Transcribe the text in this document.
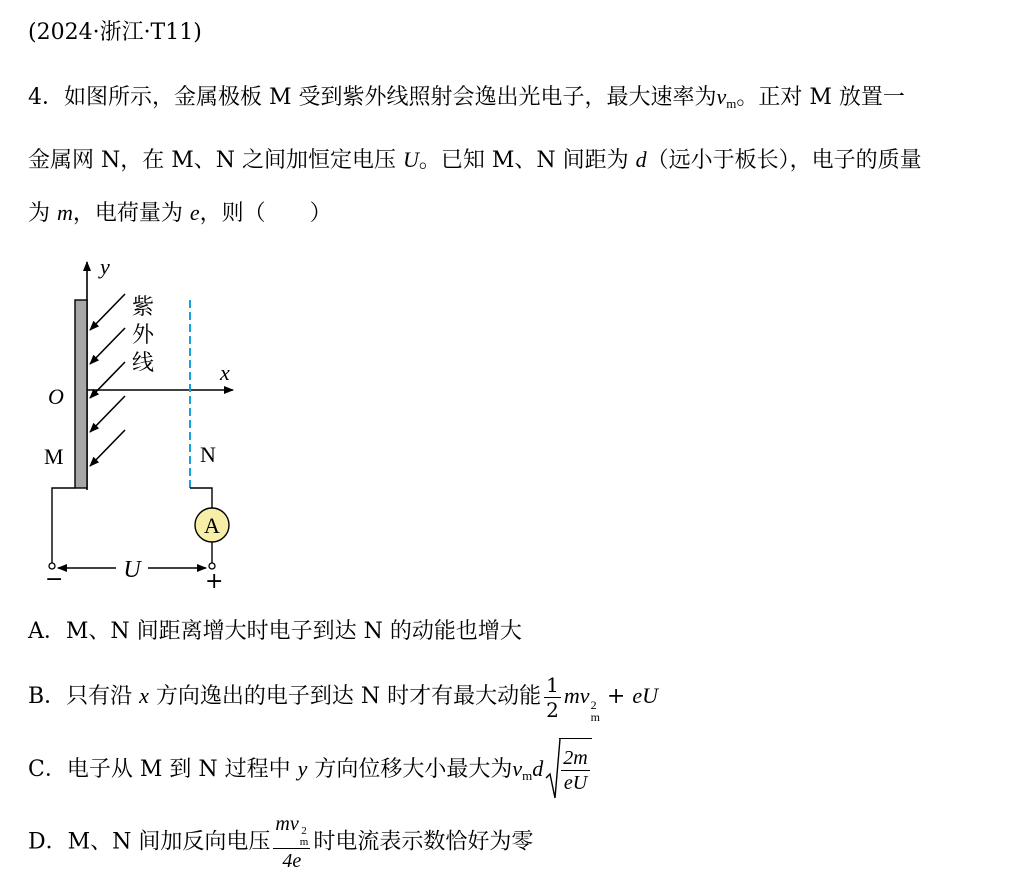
(2024·浙江·T11)
4．如图所示，金属极板 M 受到紫外线照射会逸出光电子，最大速率为$v_m$。正对 M 放置一
金属网 N，在 M、N 之间加恒定电压 U。已知 M、N 间距为 d（远小于板长），电子的质量
为 m，电荷量为 e，则（　　）
y
x
O
M
紫
外
线
N
A
−	+
U
A．M、N 间距离增大时电子到达 N 的动能也增大
B．只有沿 x 方向逸出的电子到达 N 时才有最大动能 $\frac{1}{2}$ mv 2
m
+ eU
C．电子从 M 到 N 过程中 y 方向位移大小最大为$v_md \frac{2m}{eU}$
D．M、N 间加反向电压 mv 2
m
4e 时电流表示数恰好为零
